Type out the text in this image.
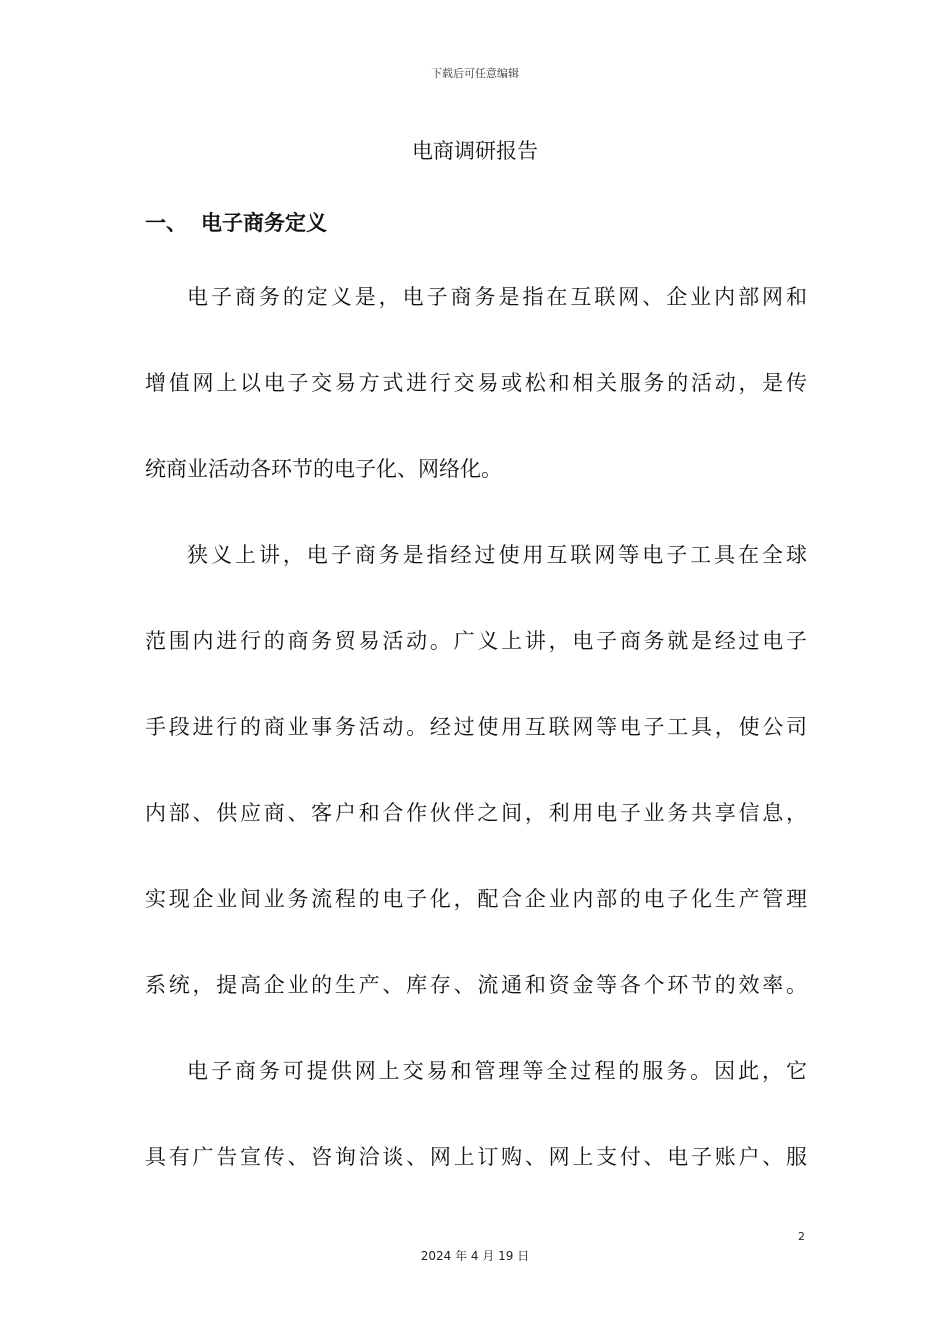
下载后可任意编辑
电商调研报告
一、 电子商务定义
电子商务的定义是，电子商务是指在互联网、企业内部网和
增值网上以电子交易方式进行交易或松和相关服务的活动，是传
统商业活动各环节的电子化、网络化。
狭义上讲，电子商务是指经过使用互联网等电子工具在全球
范围内进行的商务贸易活动。广义上讲，电子商务就是经过电子
手段进行的商业事务活动。经过使用互联网等电子工具，使公司
内部、供应商、客户和合作伙伴之间，利用电子业务共享信息，
实现企业间业务流程的电子化，配合企业内部的电子化生产管理
系统，提高企业的生产、库存、流通和资金等各个环节的效率。
电子商务可提供网上交易和管理等全过程的服务。因此，它
具有广告宣传、咨询洽谈、网上订购、网上支付、电子账户、服
2
2024 年 4 月 19 日
